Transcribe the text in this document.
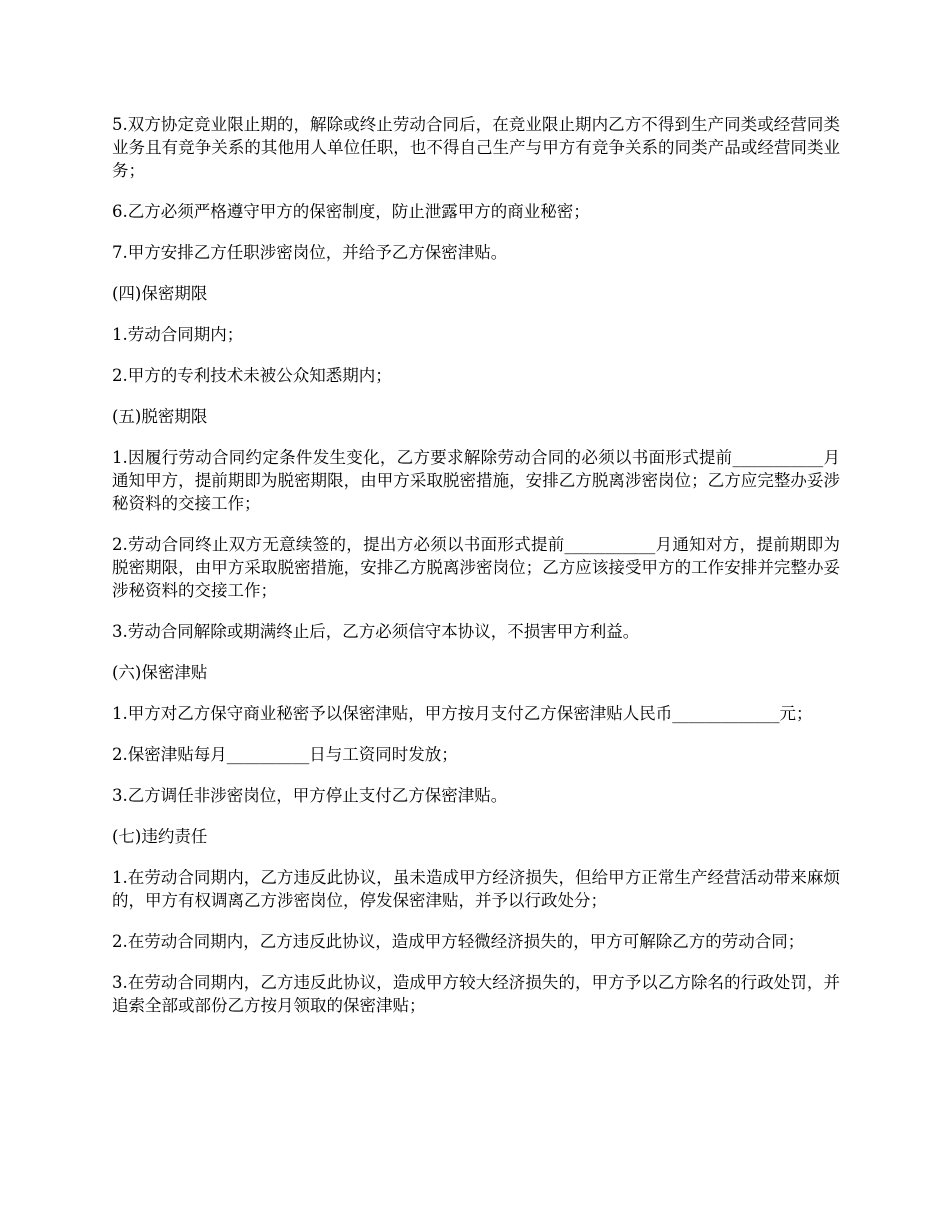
5.双方协定竞业限止期的，解除或终止劳动合同后，在竞业限止期内乙方不得到生产同类或经营同类业务且有竞争关系的其他用人单位任职，也不得自己生产与甲方有竞争关系的同类产品或经营同类业务；

6.乙方必须严格遵守甲方的保密制度，防止泄露甲方的商业秘密；

7.甲方安排乙方任职涉密岗位，并给予乙方保密津贴。

(四)保密期限

1.劳动合同期内；

2.甲方的专利技术未被公众知悉期内；

(五)脱密期限

1.因履行劳动合同约定条件发生变化，乙方要求解除劳动合同的必须以书面形式提前___________月通知甲方，提前期即为脱密期限，由甲方采取脱密措施，安排乙方脱离涉密岗位；乙方应完整办妥涉秘资料的交接工作；

2.劳动合同终止双方无意续签的，提出方必须以书面形式提前___________月通知对方，提前期即为脱密期限，由甲方采取脱密措施，安排乙方脱离涉密岗位；乙方应该接受甲方的工作安排并完整办妥涉秘资料的交接工作；

3.劳动合同解除或期满终止后，乙方必须信守本协议，不损害甲方利益。

(六)保密津贴

1.甲方对乙方保守商业秘密予以保密津贴，甲方按月支付乙方保密津贴人民币_____________元；

2.保密津贴每月__________日与工资同时发放；

3.乙方调任非涉密岗位，甲方停止支付乙方保密津贴。

(七)违约责任

1.在劳动合同期内，乙方违反此协议，虽未造成甲方经济损失，但给甲方正常生产经营活动带来麻烦的，甲方有权调离乙方涉密岗位，停发保密津贴，并予以行政处分；

2.在劳动合同期内，乙方违反此协议，造成甲方轻微经济损失的，甲方可解除乙方的劳动合同；

3.在劳动合同期内，乙方违反此协议，造成甲方较大经济损失的，甲方予以乙方除名的行政处罚，并追索全部或部份乙方按月领取的保密津贴；
